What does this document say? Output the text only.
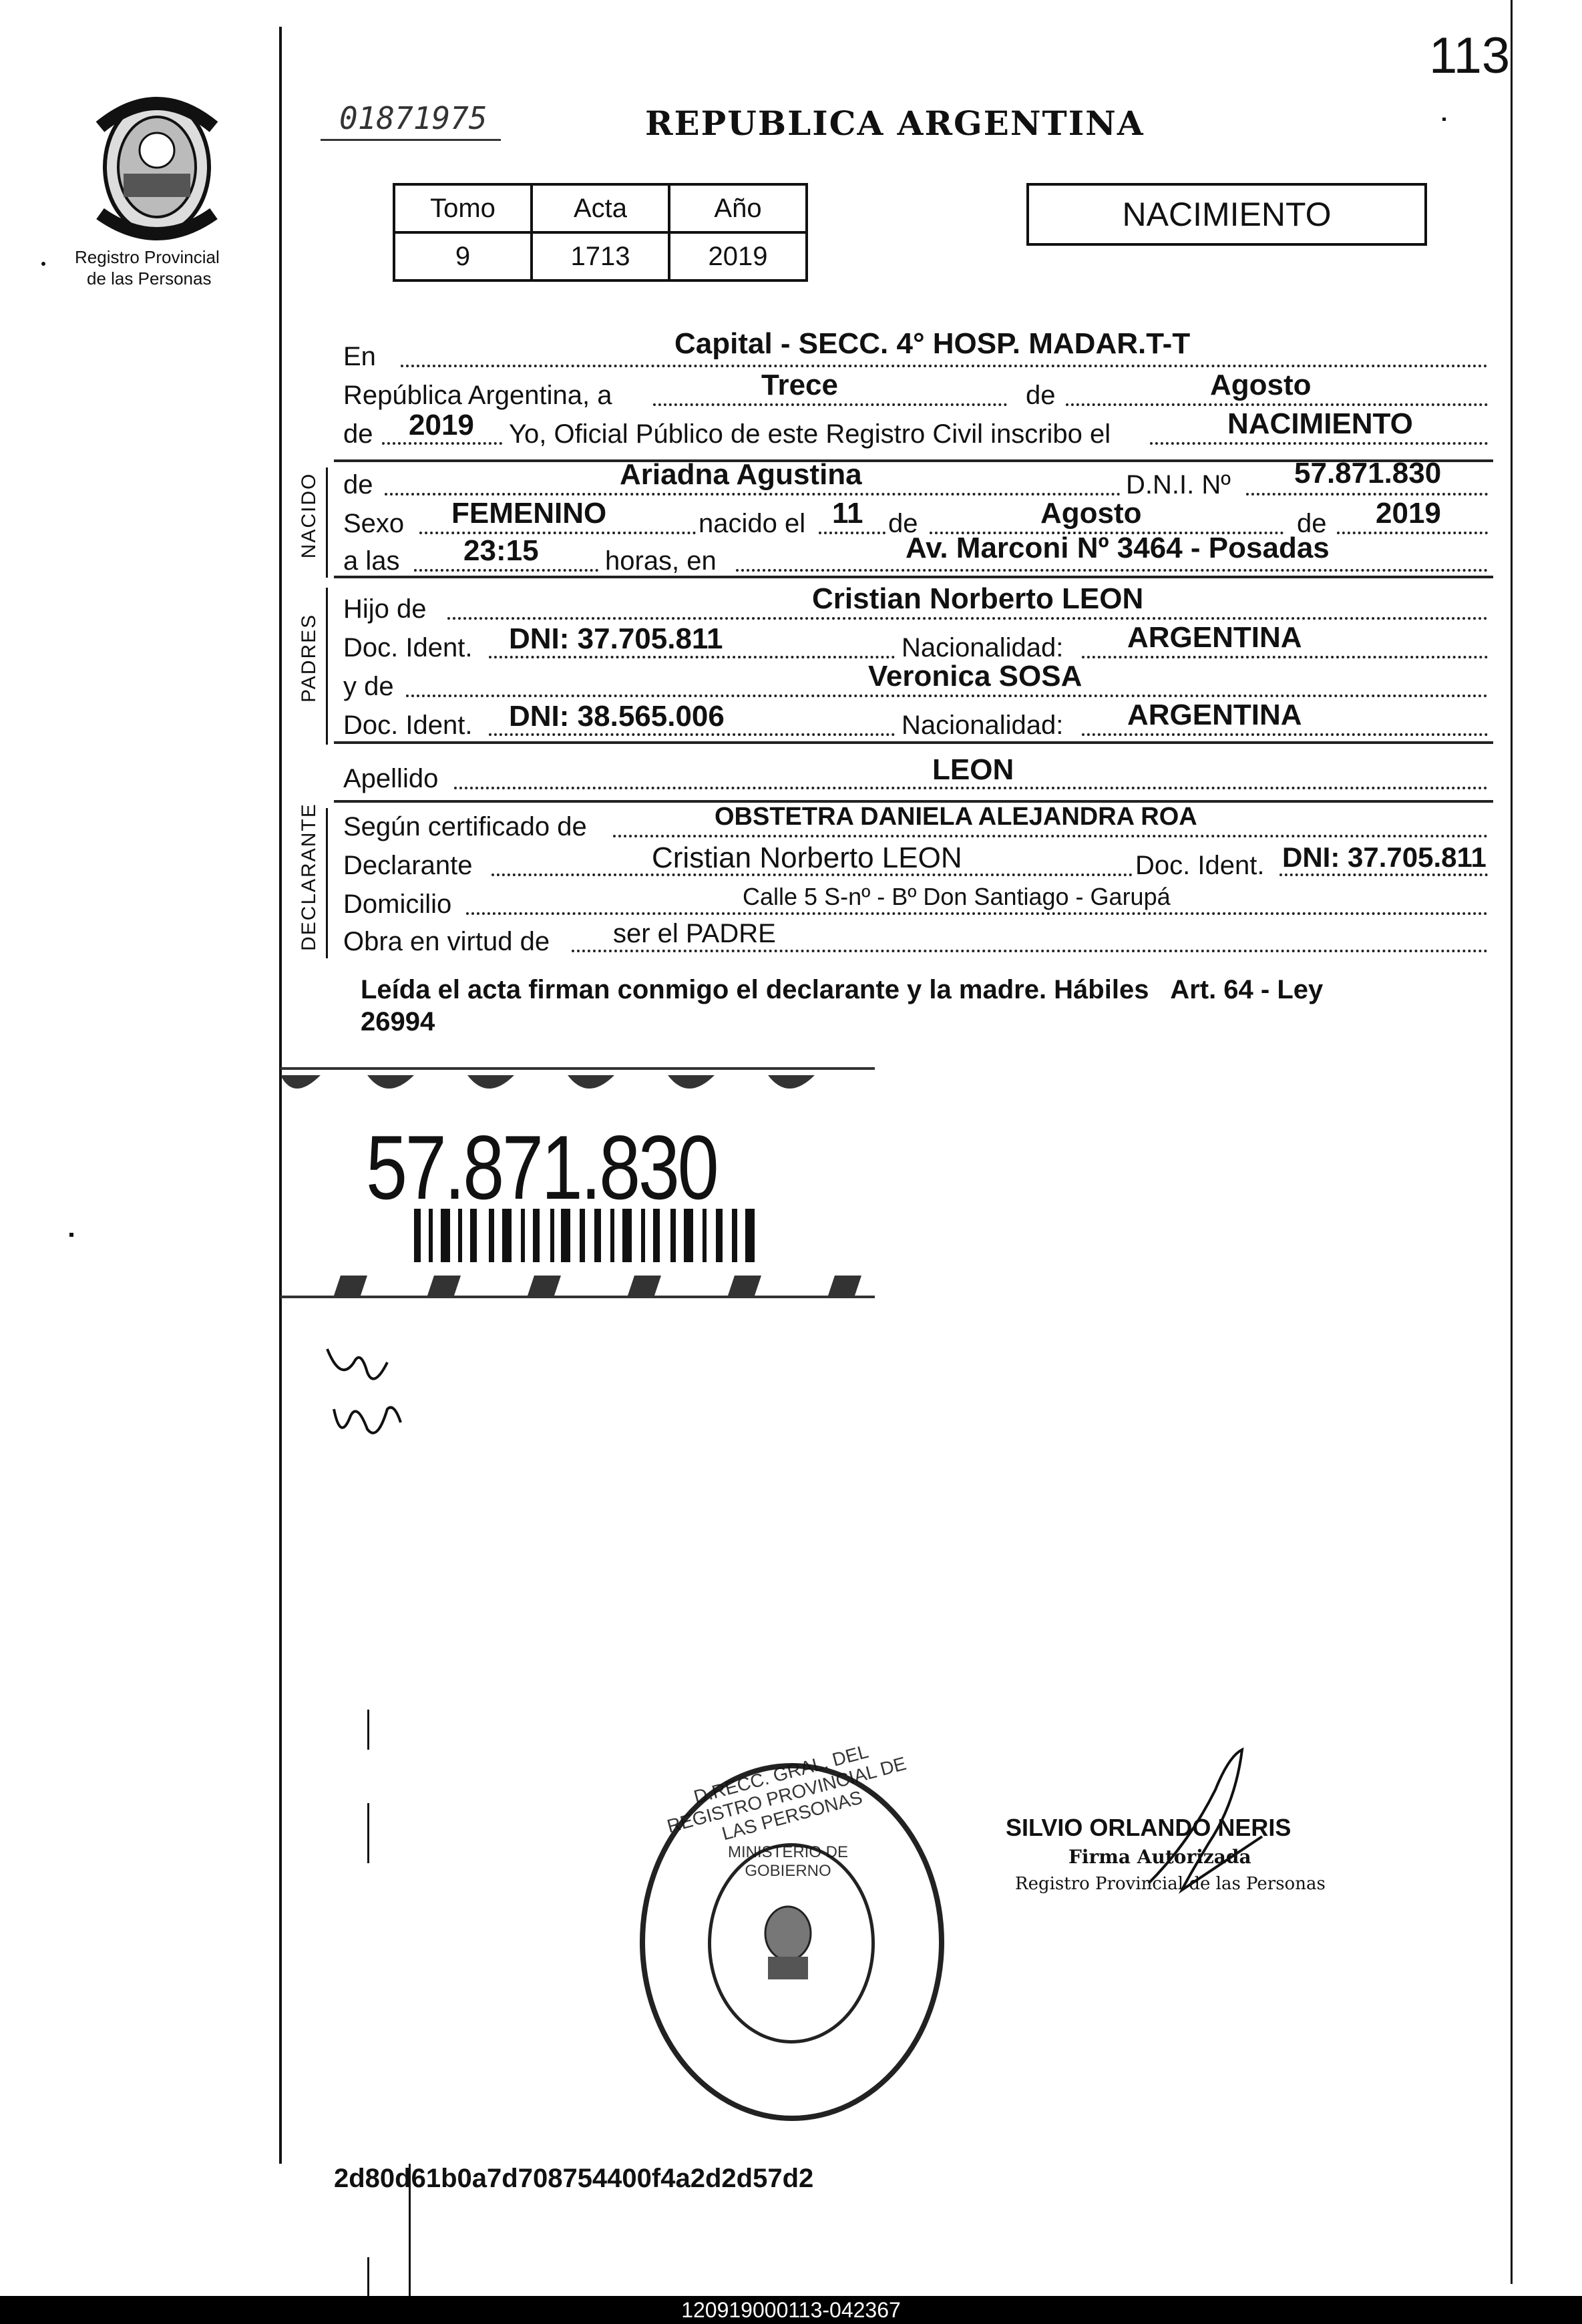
113
Registro Provincial
de las Personas
01871975	REPUBLICA ARGENTINA
Tomo	Acta	Año
9	1713	2019
NACIMIENTO
En	Capital - SECC. 4° HOSP. MADAR.T-T
República Argentina, a	Trece	de	Agosto
de 2019 Yo, Oficial Público de este Registro Civil inscribo el	NACIMIENTO
NACIDO de	Ariadna Agustina	D.N.I. Nº 57.871.830
Sexo FEMENINO	nacido el 11 de	Agosto	de 2019
a las 23:15 horas, en	Av. Marconi Nº 3464 - Posadas
PADRES
Hijo de	Cristian Norberto LEON
Doc. Ident. DNI: 37.705.811	Nacionalidad: ARGENTINA
y de	Veronica SOSA
Doc. Ident. DNI: 38.565.006	Nacionalidad: ARGENTINA
Apellido	LEON
DECLARANTE Según certificado de	OBSTETRA DANIELA ALEJANDRA ROA
Declarante	Cristian Norberto LEON	Doc. Ident. DNI: 37.705.811
Domicilio	Calle 5 S-nº - Bº Don Santiago - Garupá
Obra en virtud de ser el PADRE
Leída el acta firman conmigo el declarante y la madre. Hábiles   Art. 64 - Ley
26994
57.871.830
D.RECC. GRAL. DEL REGISTRO PROVINCIAL DE LAS PERSONAS
MINISTERIO DE GOBIERNO
SILVIO ORLANDO NERIS
Firma Autorizada
Registro Provincial de las Personas
2d80d61b0a7d708754400f4a2d2d57d2
120919000113-042367
